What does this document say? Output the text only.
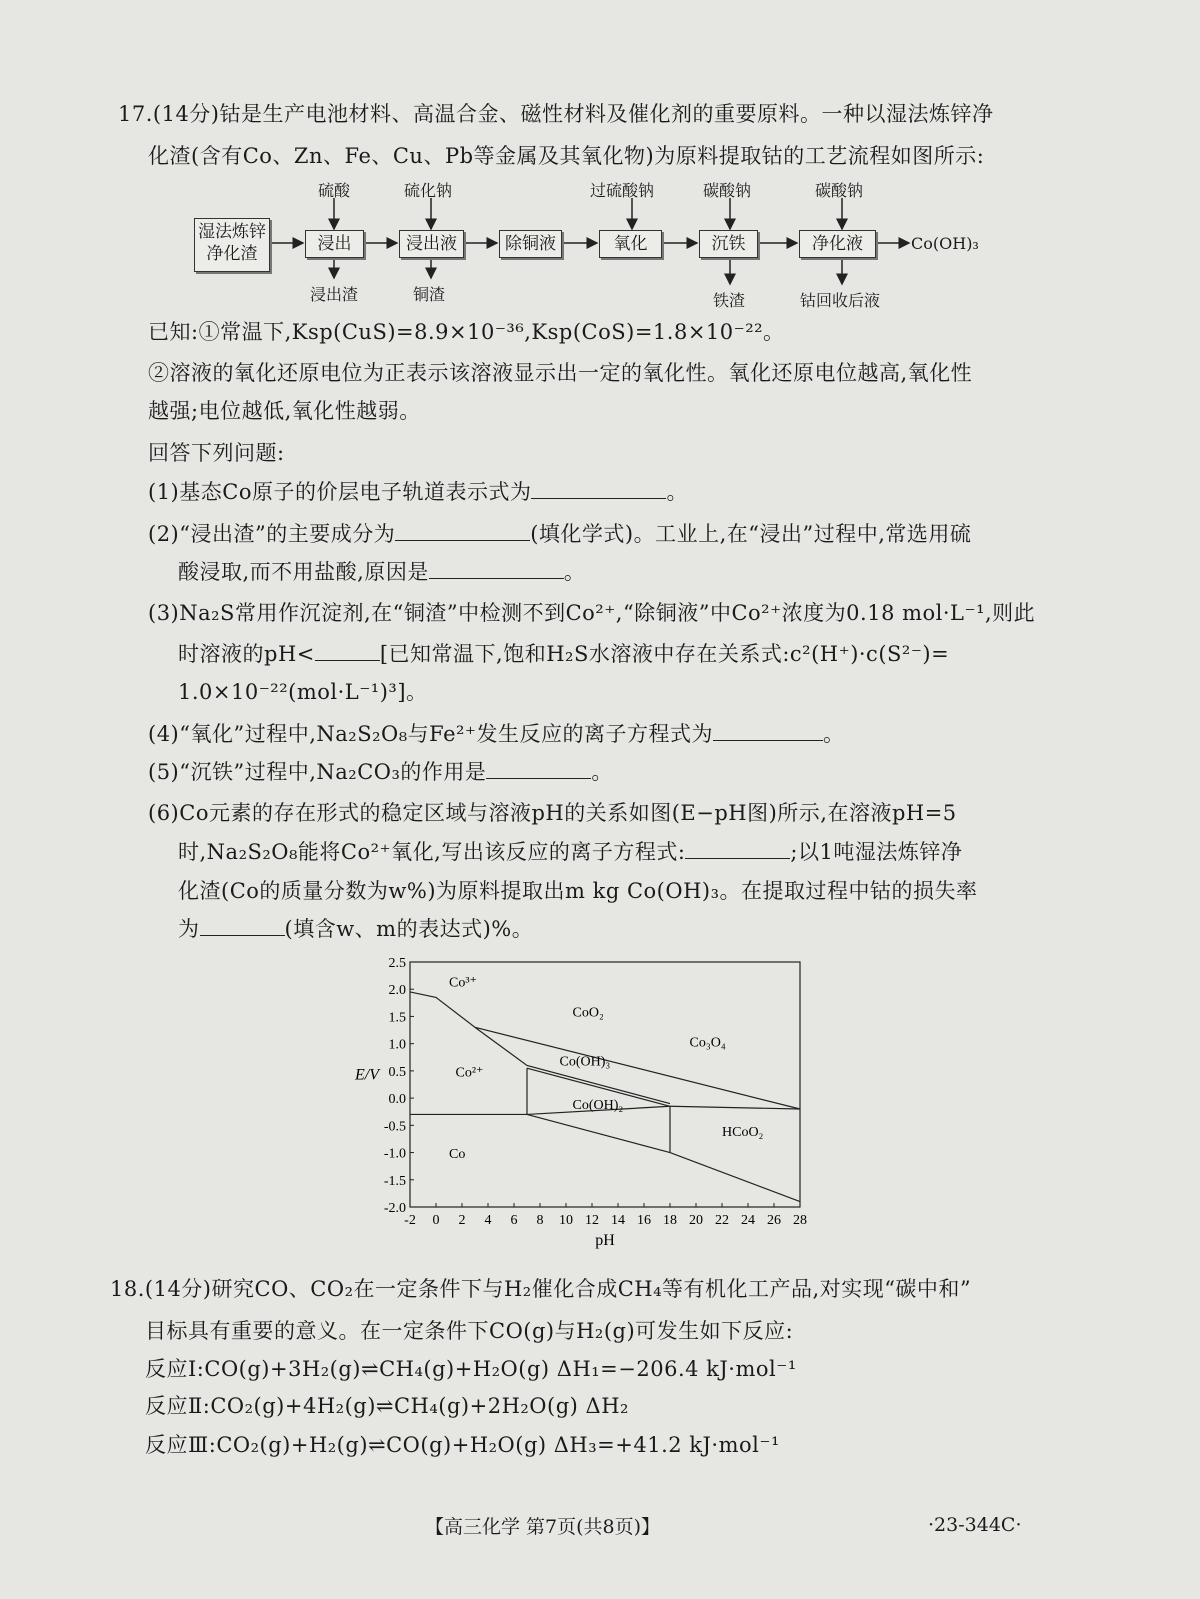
17.(14分)钴是生产电池材料、高温合金、磁性材料及催化剂的重要原料。一种以湿法炼锌净
化渣(含有Co、Zn、Fe、Cu、Pb等金属及其氧化物)为原料提取钴的工艺流程如图所示:
湿法炼锌
净化渣	浸出	浸出液	除铜液	氧化	沉铁	净化液	Co(OH)₃
硫酸	硫化钠	过硫酸钠	碳酸钠	碳酸钠
浸出渣	铜渣	铁渣	钴回收后液
已知:①常温下,Ksp(CuS)=8.9×10⁻³⁶,Ksp(CoS)=1.8×10⁻²²。
②溶液的氧化还原电位为正表示该溶液显示出一定的氧化性。氧化还原电位越高,氧化性
越强;电位越低,氧化性越弱。
回答下列问题:
(1)基态Co原子的价层电子轨道表示式为	。
(2)“浸出渣”的主要成分为	(填化学式)。工业上,在“浸出”过程中,常选用硫
酸浸取,而不用盐酸,原因是	。
(3)Na₂S常用作沉淀剂,在“铜渣”中检测不到Co²⁺,“除铜液”中Co²⁺浓度为0.18 mol·L⁻¹,则此
时溶液的pH<	[已知常温下,饱和H₂S水溶液中存在关系式:c²(H⁺)·c(S²⁻)=
1.0×10⁻²²(mol·L⁻¹)³]。
(4)“氧化”过程中,Na₂S₂O₈与Fe²⁺发生反应的离子方程式为	。
(5)“沉铁”过程中,Na₂CO₃的作用是	。
(6)Co元素的存在形式的稳定区域与溶液pH的关系如图(E−pH图)所示,在溶液pH=5
时,Na₂S₂O₈能将Co²⁺氧化,写出该反应的离子方程式:	;以1吨湿法炼锌净
化渣(Co的质量分数为w%)为原料提取出m kg Co(OH)₃。在提取过程中钴的损失率
为	(填含w、m的表达式)%。
-2 0 2 4 6 8 10 12 14 16 18 20 22 24 26 28
2.5
2.0
1.5
1.0
0.5
0.0
-0.5
-1.0
-1.5
-2.0
Co³⁺
CoO₂
Co₃O₄
Co(OH)₃
Co²⁺
Co(OH)₂
HCoO₂
Co
pH
E/V
18.(14分)研究CO、CO₂在一定条件下与H₂催化合成CH₄等有机化工产品,对实现“碳中和”
目标具有重要的意义。在一定条件下CO(g)与H₂(g)可发生如下反应:
反应Ⅰ:CO(g)+3H₂(g)⇌CH₄(g)+H₂O(g) ΔH₁=−206.4 kJ·mol⁻¹
反应Ⅱ:CO₂(g)+4H₂(g)⇌CH₄(g)+2H₂O(g) ΔH₂
反应Ⅲ:CO₂(g)+H₂(g)⇌CO(g)+H₂O(g) ΔH₃=+41.2 kJ·mol⁻¹
【高三化学 第7页(共8页)】	·23-344C·
